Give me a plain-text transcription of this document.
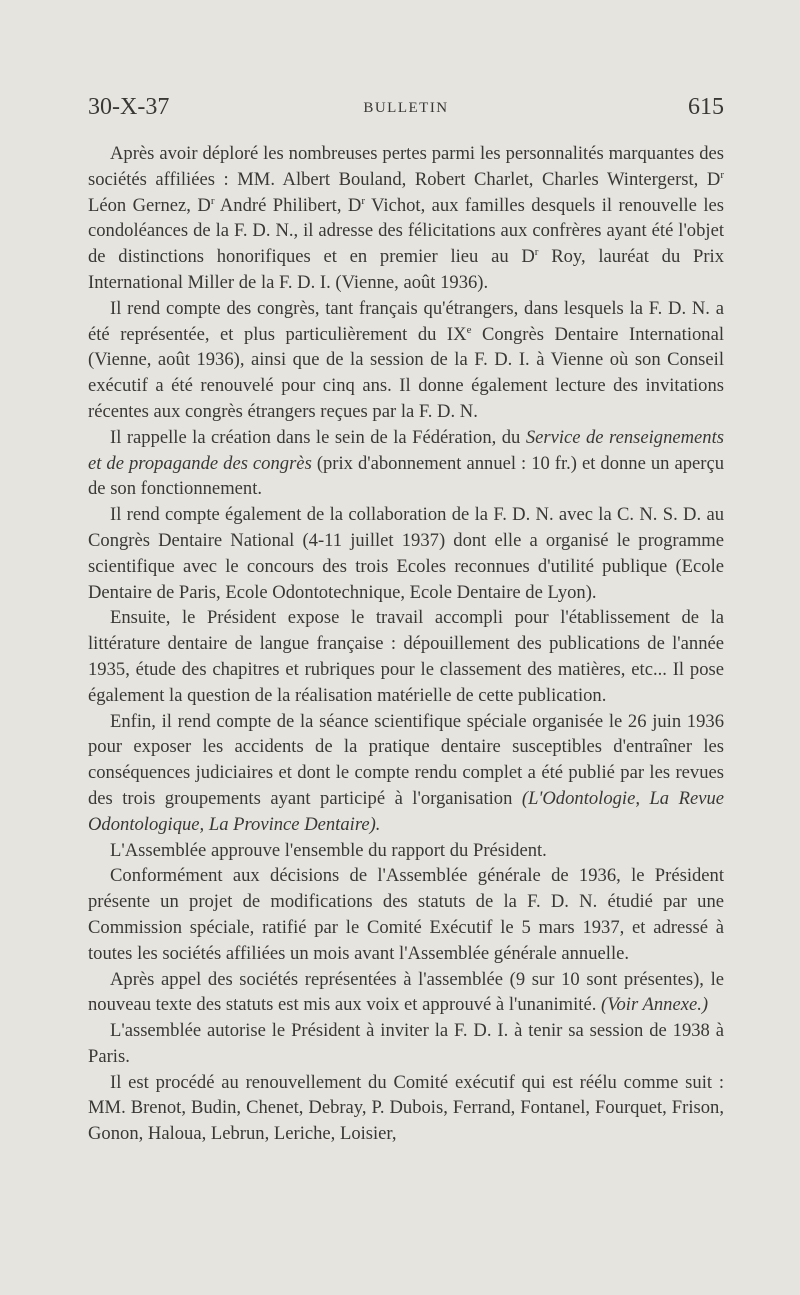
30-X-37	BULLETIN	615

Après avoir déploré les nombreuses pertes parmi les personnalités marquantes des sociétés affiliées : MM. Albert Bouland, Robert Charlet, Charles Wintergerst, $D^r$ Léon Gernez, $D^r$ André Philibert, $D^r$ Vichot, aux familles desquels il renouvelle les condoléances de la F. D. N., il adresse des félicitations aux confrères ayant été l'objet de distinctions honorifiques et en premier lieu au $D^r$ Roy, lauréat du Prix International Miller de la F. D. I. (Vienne, août 1936).

Il rend compte des congrès, tant français qu'étrangers, dans lesquels la F. D. N. a été représentée, et plus particulièrement du IXe Congrès Dentaire International (Vienne, août 1936), ainsi que de la session de la F. D. I. à Vienne où son Conseil exécutif a été renouvelé pour cinq ans. Il donne également lecture des invitations récentes aux congrès étrangers reçues par la F. D. N.

Il rappelle la création dans le sein de la Fédération, du Service de renseignements et de propagande des congrès (prix d'abonnement annuel : 10 fr.) et donne un aperçu de son fonctionnement.

Il rend compte également de la collaboration de la F. D. N. avec la C. N. S. D. au Congrès Dentaire National (4-11 juillet 1937) dont elle a organisé le programme scientifique avec le concours des trois Ecoles reconnues d'utilité publique (Ecole Dentaire de Paris, Ecole Odontotechnique, Ecole Dentaire de Lyon).

Ensuite, le Président expose le travail accompli pour l'établissement de la littérature dentaire de langue française : dépouillement des publications de l'année 1935, étude des chapitres et rubriques pour le classement des matières, etc... Il pose également la question de la réalisation matérielle de cette publication.

Enfin, il rend compte de la séance scientifique spéciale organisée le 26 juin 1936 pour exposer les accidents de la pratique dentaire susceptibles d'entraîner les conséquences judiciaires et dont le compte rendu complet a été publié par les revues des trois groupements ayant participé à l'organisation (L'Odontologie, La Revue Odontologique, La Province Dentaire).

L'Assemblée approuve l'ensemble du rapport du Président.

Conformément aux décisions de l'Assemblée générale de 1936, le Président présente un projet de modifications des statuts de la F. D. N. étudié par une Commission spéciale, ratifié par le Comité Exécutif le 5 mars 1937, et adressé à toutes les sociétés affiliées un mois avant l'Assemblée générale annuelle.

Après appel des sociétés représentées à l'assemblée (9 sur 10 sont présentes), le nouveau texte des statuts est mis aux voix et approuvé à l'unanimité. (Voir Annexe.)

L'assemblée autorise le Président à inviter la F. D. I. à tenir sa session de 1938 à Paris.

Il est procédé au renouvellement du Comité exécutif qui est réélu comme suit : MM. Brenot, Budin, Chenet, Debray, P. Dubois, Ferrand, Fontanel, Fourquet, Frison, Gonon, Haloua, Lebrun, Leriche, Loisier,
